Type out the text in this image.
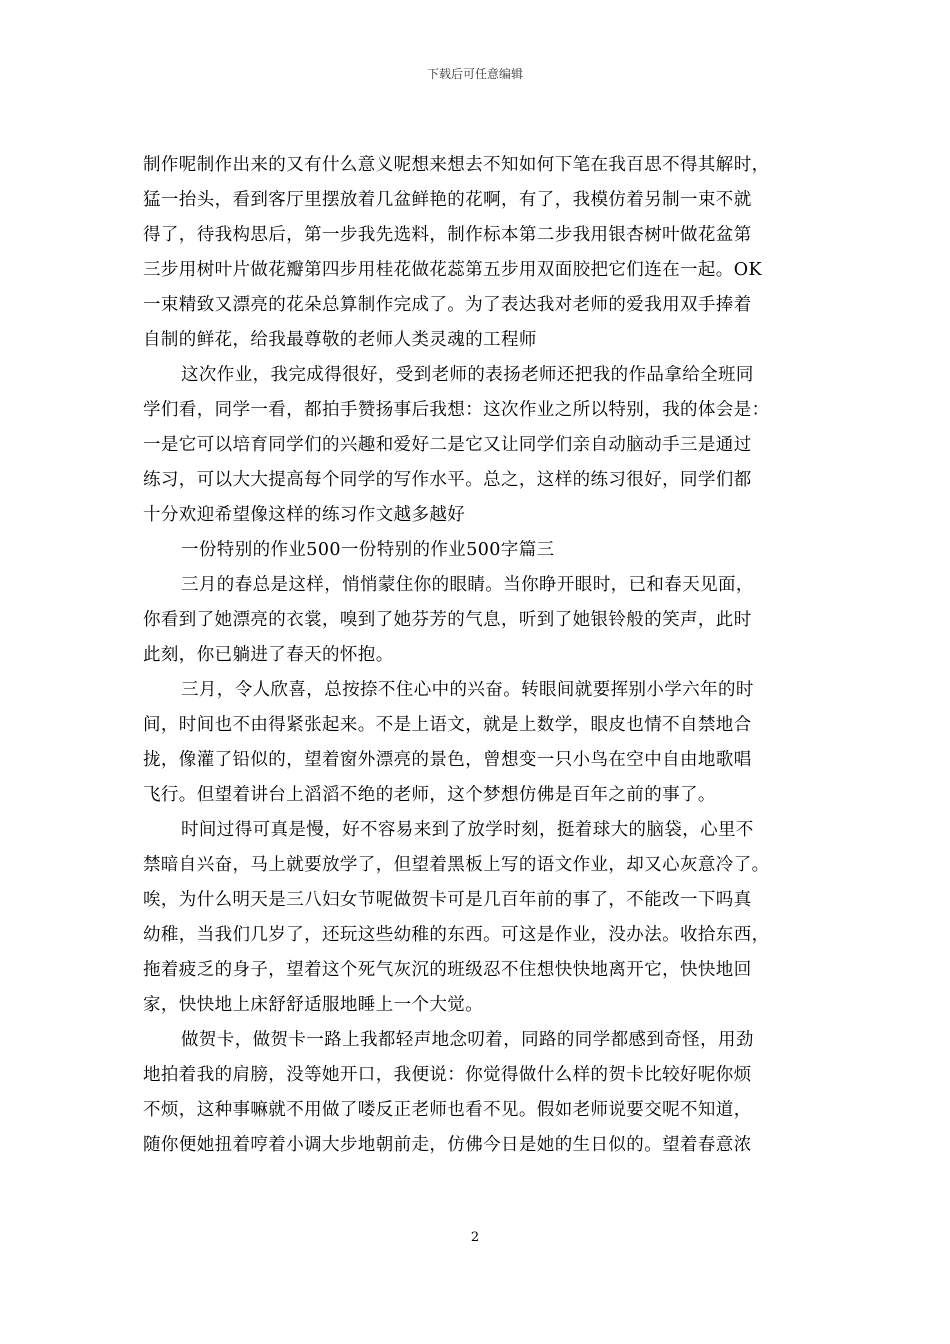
下载后可任意编辑
制作呢制作出来的又有什么意义呢想来想去不知如何下笔在我百思不得其解时，
猛一抬头，看到客厅里摆放着几盆鲜艳的花啊，有了，我模仿着另制一束不就
得了，待我构思后，第一步我先选料，制作标本第二步我用银杏树叶做花盆第
三步用树叶片做花瓣第四步用桂花做花蕊第五步用双面胶把它们连在一起。OK
一束精致又漂亮的花朵总算制作完成了。为了表达我对老师的爱我用双手捧着
自制的鲜花，给我最尊敬的老师人类灵魂的工程师
这次作业，我完成得很好，受到老师的表扬老师还把我的作品拿给全班同
学们看，同学一看，都拍手赞扬事后我想：这次作业之所以特别，我的体会是：
一是它可以培育同学们的兴趣和爱好二是它又让同学们亲自动脑动手三是通过
练习，可以大大提高每个同学的写作水平。总之，这样的练习很好，同学们都
十分欢迎希望像这样的练习作文越多越好
一份特别的作业500一份特别的作业500字篇三
三月的春总是这样，悄悄蒙住你的眼睛。当你睁开眼时，已和春天见面，
你看到了她漂亮的衣裳，嗅到了她芬芳的气息，听到了她银铃般的笑声，此时
此刻，你已躺进了春天的怀抱。
三月，令人欣喜，总按捺不住心中的兴奋。转眼间就要挥别小学六年的时
间，时间也不由得紧张起来。不是上语文，就是上数学，眼皮也情不自禁地合
拢，像灌了铅似的，望着窗外漂亮的景色，曾想变一只小鸟在空中自由地歌唱
飞行。但望着讲台上滔滔不绝的老师，这个梦想仿佛是百年之前的事了。
时间过得可真是慢，好不容易来到了放学时刻，挺着球大的脑袋，心里不
禁暗自兴奋，马上就要放学了，但望着黑板上写的语文作业，却又心灰意冷了。
唉，为什么明天是三八妇女节呢做贺卡可是几百年前的事了，不能改一下吗真
幼稚，当我们几岁了，还玩这些幼稚的东西。可这是作业，没办法。收拾东西，
拖着疲乏的身子，望着这个死气灰沉的班级忍不住想快快地离开它，快快地回
家，快快地上床舒舒适服地睡上一个大觉。
做贺卡，做贺卡一路上我都轻声地念叨着，同路的同学都感到奇怪，用劲
地拍着我的肩膀，没等她开口，我便说：你觉得做什么样的贺卡比较好呢你烦
不烦，这种事嘛就不用做了喽反正老师也看不见。假如老师说要交呢不知道，
随你便她扭着哼着小调大步地朝前走，仿佛今日是她的生日似的。望着春意浓
2
